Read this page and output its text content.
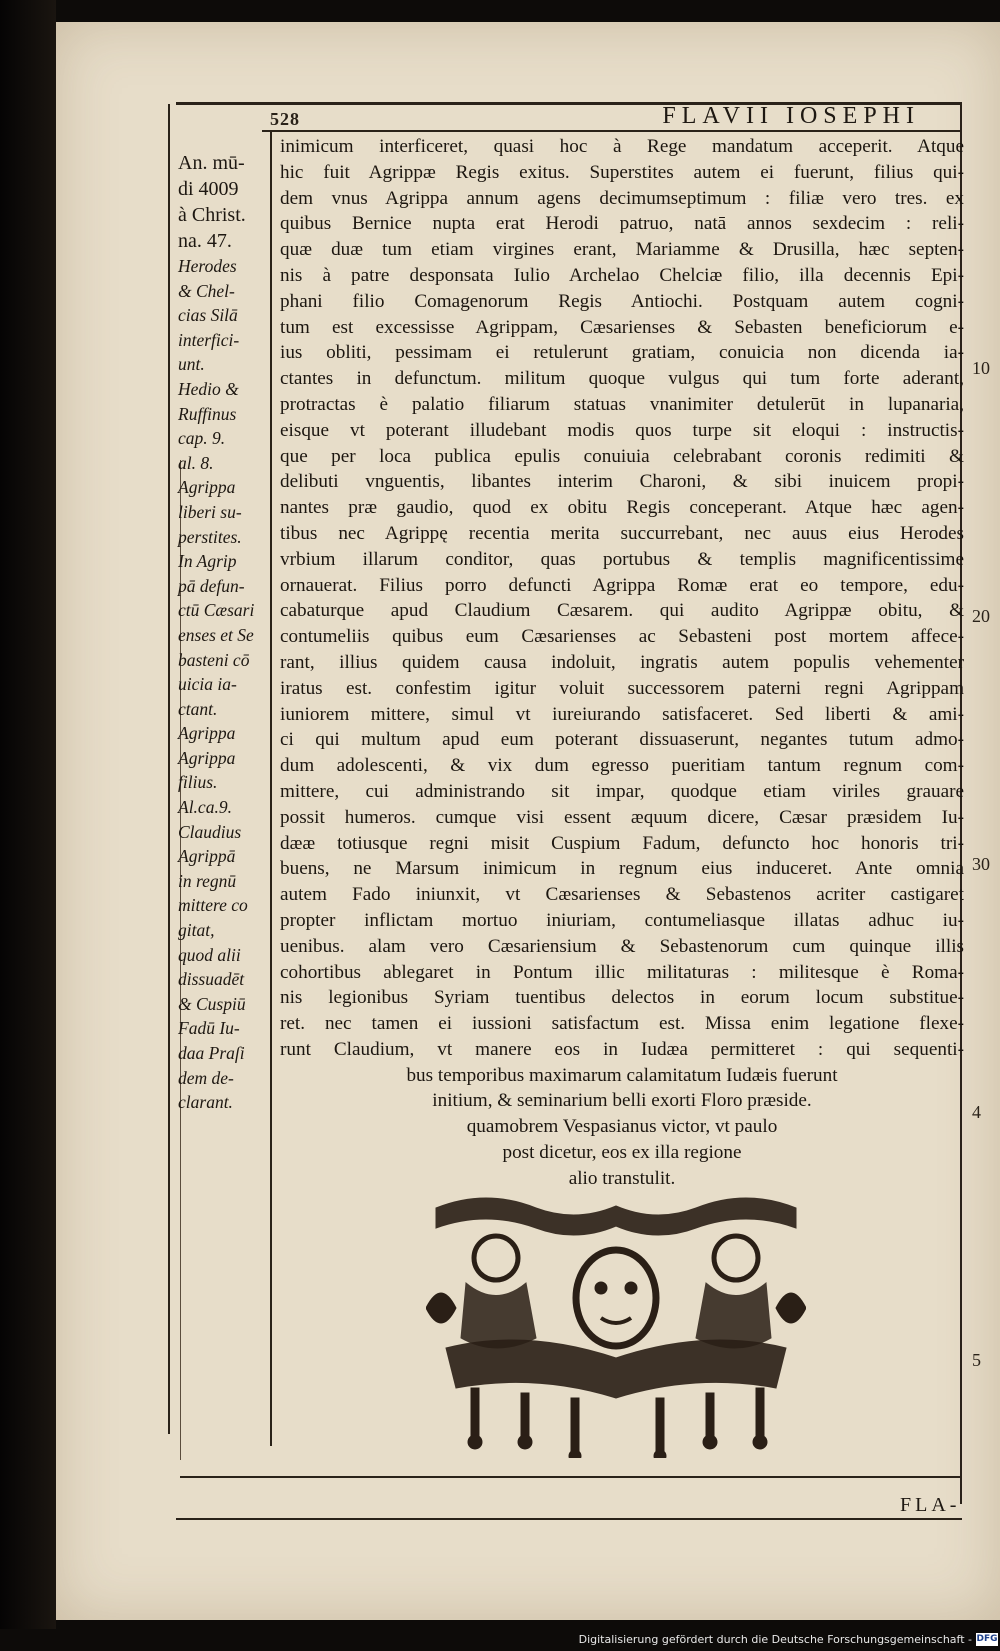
528	FLAVII IOSEPHI
An. mū-
di 4009
à Christ.
na. 47.
Herodes
& Chel-
cias Silā
interfici-
unt.
Hedio &
Ruffinus
cap. 9.
al. 8.
Agrippa
liberi su-
perstites.
In Agrip
pā defun-
ctū Cæsari
enses et Se
basteni cō
uicia ia-
ctant.
Agrippa
Agrippa
filius.
Al.ca.9.
Claudius
Agrippā
in regnū
mittere co
gitat,
quod alii
dissuadēt
& Cuspiū
Fadū Iu-
daa Praſi
dem de-
clarant.
inimicum interficeret, quasi hoc à Rege mandatum acceperit. Atque
hic fuit Agrippæ Regis exitus. Superstites autem ei fuerunt, filius qui-
dem vnus Agrippa annum agens decimumseptimum : filiæ vero tres. ex
quibus Bernice nupta erat Herodi patruo, natā annos sexdecim : reli-
quæ duæ tum etiam virgines erant, Mariamme & Drusilla, hæc septen-
nis à patre desponsata Iulio Archelao Chelciæ filio, illa decennis Epi-
phani filio Comagenorum Regis Antiochi. Postquam autem cogni-
tum est excessisse Agrippam, Cæsarienses & Sebasten beneficiorum e-
ius obliti, pessimam ei retulerunt gratiam, conuicia non dicenda ia-
ctantes in defunctum. militum quoque vulgus qui tum forte aderant,
protractas è palatio filiarum statuas vnanimiter detulerūt in lupanaria,
eisque vt poterant illudebant modis quos turpe sit eloqui : instructis-
que per loca publica epulis conuiuia celebrabant coronis redimiti &
delibuti vnguentis, libantes interim Charoni, & sibi inuicem propi-
nantes præ gaudio, quod ex obitu Regis conceperant. Atque hæc agen-
tibus nec Agrippę recentia merita succurrebant, nec auus eius Herodes
vrbium illarum conditor, quas portubus & templis magnificentissime
ornauerat. Filius porro defuncti Agrippa Romæ erat eo tempore, edu-
cabaturque apud Claudium Cæsarem. qui audito Agrippæ obitu, &
contumeliis quibus eum Cæsarienses ac Sebasteni post mortem affece-
rant, illius quidem causa indoluit, ingratis autem populis vehementer
iratus est. confestim igitur voluit successorem paterni regni Agrippam
iuniorem mittere, simul vt iureiurando satisfaceret. Sed liberti & ami-
ci qui multum apud eum poterant dissuaserunt, negantes tutum admo-
dum adolescenti, & vix dum egresso pueritiam tantum regnum com-
mittere, cui administrando sit impar, quodque etiam viriles grauare
possit humeros. cumque visi essent æquum dicere, Cæsar præsidem Iu-
dææ totiusque regni misit Cuspium Fadum, defuncto hoc honoris tri-
buens, ne Marsum inimicum in regnum eius induceret. Ante omnia
autem Fado iniunxit, vt Cæsarienses & Sebastenos acriter castigaret
propter inflictam mortuo iniuriam, contumeliasque illatas adhuc iu-
uenibus. alam vero Cæsariensium & Sebastenorum cum quinque illis
cohortibus ablegaret in Pontum illic militaturas : militesque è Roma-
nis legionibus Syriam tuentibus delectos in eorum locum substitue-
ret. nec tamen ei iussioni satisfactum est. Missa enim legatione flexe-
runt Claudium, vt manere eos in Iudæa permitteret : qui sequenti-
bus temporibus maximarum calamitatum Iudæis fuerunt
initium, & seminarium belli exorti Floro præside.
quamobrem Vespasianus victor, vt paulo
post dicetur, eos ex illa regione
alio transtulit.
10
20
30
4
5
FLA-
Digitalisierung gefördert durch die Deutsche Forschungsgemeinschaft - DFG
